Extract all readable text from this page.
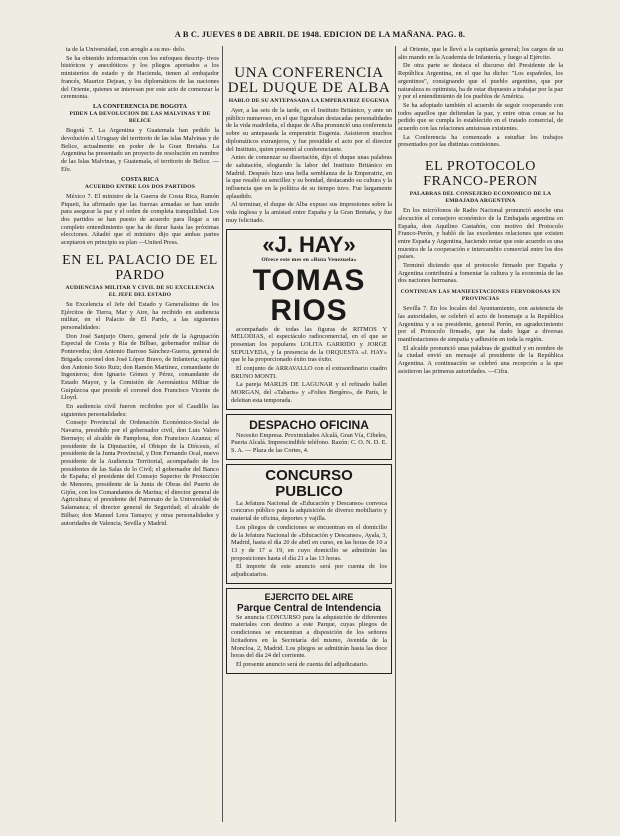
A B C. JUEVES 8 DE ABRIL DE 1948. EDICION DE LA MAÑANA. PAG. 8.

ta de la Universidad, con arreglo a su mo- delo.

Se ha obtenido información con los enfoques descrip- tivos históricos y anecdóticos y los pliegos aportados a los ministerios de estado y de Hacienda, tienen al embajador francés, Maurice Dejean, y los diplomáticos de las naciones del Oriente, quienes se interesan por este acto de comenzar la ceremonia.

LA CONFERENCIA DE BOGOTA
PIDEN LA DEVOLUCION DE LAS MALVINAS Y DE BELICE

Bogotá 7. La Argentina y Guatemala han pedido la devolución al Uruguay del territorio de las islas Malvinas y de Belice, actualmente en poder de la Gran Bretaña. La Argentina ha presentado un proyecto de resolución en nombre de las Islas Malvinas, y Guatemala, el territorio de Belice. —Efe.

COSTA RICA
ACUERDO ENTRE LOS DOS PARTIDOS

México 7. El ministro de la Guerra de Costa Rica, Ramón Piqueti, ha afirmado que las fuerzas armadas se han unido para asegurar la paz y el orden de completa tranquilidad. Los dos partidos se han puesto de acuerdo para llegar a un completo entendimiento que ha de durar hasta las próximas elecciones. Añadió que el ministro dijo que ambas partes aceptaron en principio su plan —United Press.

EN EL PALACIO DE EL PARDO
AUDIENCIAS MILITAR Y CIVIL DE SU EXCELENCIA EL JEFE DEL ESTADO

Su Excelencia el Jefe del Estado y Generalísimo de los Ejércitos de Tierra, Mar y Aire, ha recibido en audiencia militar, en el Palacio de El Pardo, a las siguientes personalidades:

Don José Sanjurjo Otero, general jefe de la Agrupación Especial de Costa y Ría de Bilbao, gobernador militar de Pontevedra; don Antonio Barroso Sánchez-Guerra, general de Brigada; coronel don José López Bravo, de Infantería; capitán don Antonio Soto Ruiz; don Ramón Martínez, comandante de Ingenieros; don Ignacio Gómez y Pérez, comandante de Estado Mayor, y la Comisión de Aeronáutica Militar de Guipúzcoa que preside el coronel don Francisco Vicente de Lloyd.

En audiencia civil fueron recibidos por el Caudillo las siguientes personalidades:

Consejo Provincial de Ordenación Económico-Social de Navarra, presidido por el gobernador civil, don Luis Valero Bermejo; el alcalde de Pamplona, don Francisco Azanza; el presidente de la Diputación, el Obispo de la Diócesis, el presidente de la Junta Provincial, y Don Fernando Ocal, nuevo presidente de la Audiencia Territorial, acompañado de los presidentes de las Salas de lo Civil; el gobernador del Banco de España; el presidente del Consejo Superior de Protección de Menores, presidente de la Junta de Obras del Puerto de Gijón, con los Comandantes de Marina; el director general de Agricultura; el presidente del Patronato de la Universidad de Salamanca; el director general de Seguridad; el alcalde de Bilbao; don Manuel Lora Tamayo; y otras personalidades y autoridades de Valencia, Sevilla y Madrid.

UNA CONFERENCIA DEL DUQUE DE ALBA
HABLO DE SU ANTEPASADA LA EMPERATRIZ EUGENIA

Ayer, a las seis de la tarde, en el Instituto Británico, y ante un público numeroso, en el que figuraban destacadas personalidades de la vida madrileña, el duque de Alba pronunció una conferencia sobre su antepasada la emperatriz Eugenia. Asistieron muchos diplomáticos extranjeros, y fue presidido el acto por el director del Instituto, quien presentó al conferenciante.

Antes de comenzar su disertación, dijo el duque unas palabras de salutación, elogiando la labor del Instituto Británico en Madrid. Después hizo una bella semblanza de la Emperatriz, en la que resaltó su sencillez y su bondad, destacando su cultura y la influencia que en la política de su tiempo tuvo. Fue largamente aplaudido.

Al terminar, el duque de Alba expuso sus impresiones sobre la vida inglesa y la amistad entre España y la Gran Bretaña, y fue muy felicitado.

«J. HAY»
Ofrece este mes en «Ruta Venezuela»
TOMAS RIOS

acompañado de todas las figuras de RITMOS Y MELODIAS, el espectáculo radiocomercial, en el que se presentan los populares LOLITA GARRIDO y JORGE SEPULVEDA, y la presencia de la ORQUESTA «J. HAY» que le ha proporcionado éxito tras éxito.

El conjunto de ARRAVALLO con el extraordinario cuadro BRUNO MONTI.

La pareja MARLIS DE LAGUNAR y el refinado ballet MORGAN, del «Tabaris» y «Folies Bergère», de París, le deleitan esta temporada.

DESPACHO OFICINA

Necesito Empresa. Proximidades Alcalá, Gran Vía, Cibeles, Puerta Alcalá. Imprescindible teléfono. Razón: C. O. N. D. E. S. A. — Plaza de las Cortes, 4.

CONCURSO PUBLICO

La Jefatura Nacional de «Educación y Descanso» convoca concurso público para la adquisición de diverso mobiliario y material de oficina, deportes y vajilla.

Los pliegos de condiciones se encuentran en el domicilio de la Jefatura Nacional de «Educación y Descanso», Ayala, 3, Madrid, hasta el día 20 de abril en curso, en las horas de 10 a 13 y de 17 a 19, en cuyo domicilio se admitirán las proposiciones hasta el día 21 a las 13 horas.

El importe de este anuncio será por cuenta de los adjudicatarios.

EJERCITO DEL AIRE
Parque Central de Intendencia

Se anuncia CONCURSO para la adquisición de diferentes materiales con destino a este Parque, cuyas pliegos de condiciones se encuentran a disposición de los señores licitadores en la Secretaría del mismo, Avenida de la Moncloa, 2, Madrid. Los pliegos se admitirán hasta las doce horas del día 24 del corriente.

El presente anuncio será de cuenta del adjudicatario.

al Oriente, que le llevó a la capitanía general; los cargos de su alto mando en la Academia de Infantería, y luego al Ejército.

De otra parte se destaca el discurso del Presidente de la República Argentina, en el que ha dicho: "Los españoles, los argentinos", consignando que el pueblo argentino, que por naturaleza es optimista, ha de estar dispuesto a trabajar por la paz y por el entendimiento de los pueblos de América.

Se ha adoptado también el acuerdo de seguir cooperando con todos aquellos que defiendan la paz, y entre otras cosas se ha pedido que se cumpla lo establecido en el tratado comercial, de acuerdo con las relaciones amistosas existentes.

La Conferencia ha comenzado a estudiar los trabajos presentados por las distintas comisiones.

EL PROTOCOLO FRANCO-PERON
PALABRAS DEL CONSEJERO ECONOMICO DE LA EMBAJADA ARGENTINA

En los micrófonos de Radio Nacional pronunció anoche una alocución el consejero económico de la Embajada argentina en España, don Aquilino Castañón, con motivo del Protocolo Franco-Perón, y habló de las excelentes relaciones que existen entre España y Argentina, haciendo notar que este acuerdo es una muestra de la cooperación e intercambio comercial entre los dos países.

Terminó diciendo que el protocolo firmado por España y Argentina contribuirá a fomentar la cultura y la economía de las dos naciones hermanas.

CONTINUAN LAS MANIFESTACIONES FERVOROSAS EN PROVINCIAS

Sevilla 7. En los locales del Ayuntamiento, con asistencia de las autoridades, se celebró el acto de homenaje a la República Argentina y a su presidente, general Perón, en agradecimiento por el Protocolo firmado, que ha dado lugar a diversas manifestaciones de simpatía y adhesión en toda la región.

El alcalde pronunció unas palabras de gratitud y en nombre de la ciudad envió un mensaje al presidente de la República Argentina. A continuación se celebró una recepción a la que asistieron las primeras autoridades. —Cifra.
